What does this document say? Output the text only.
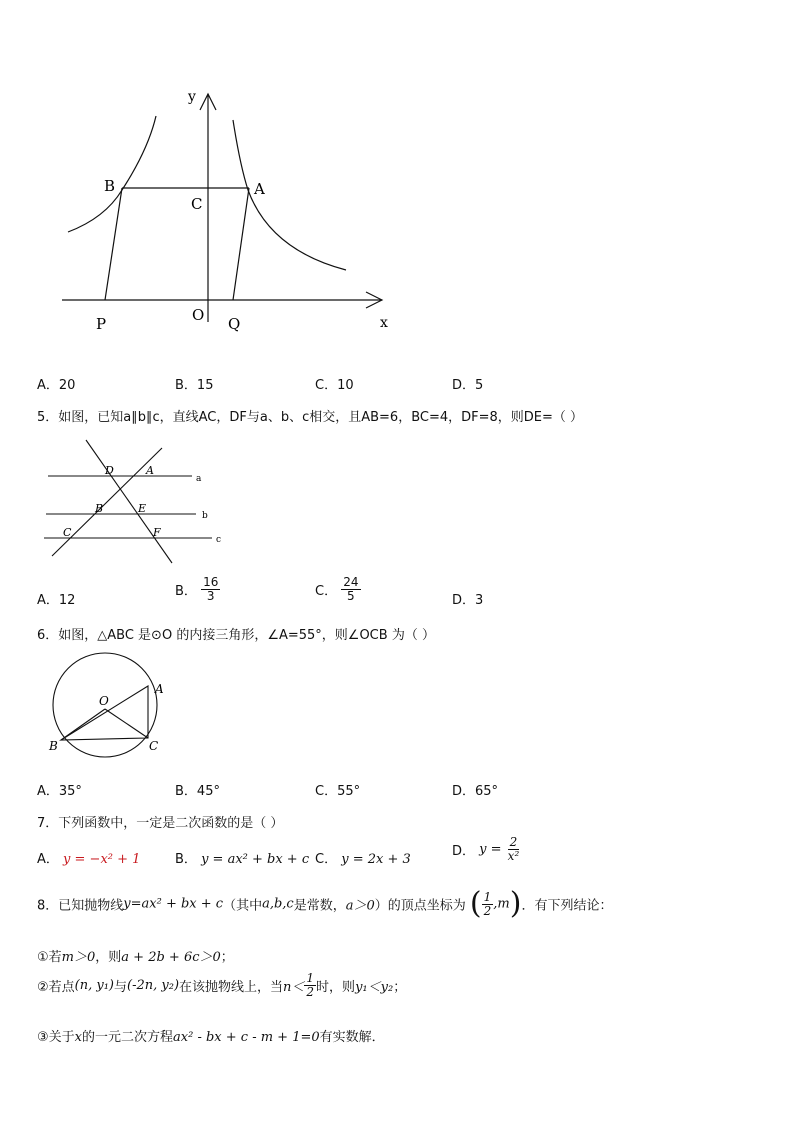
y
x
B
C
A
O
P	Q
A．20	B．15	C．10	D．5
5．如图，已知a∥b∥c，直线AC，DF与a、b、c相交，且AB=6，BC=4，DF=8，则DE=（ ）
D	A
a
B	E
b
C	F
c
A．12
B． $\frac{16}{3}$	C． $\frac{24}{5}$	D．3
6．如图，△ABC 是⊙O 的内接三角形，∠A=55°，则∠OCB 为（ ）
O
A
B	C
A．35°	B．45°	C．55°	D．65°
7．下列函数中，一定是二次函数的是（ ）
A． y = −x² + 1	B． y = ax² + bx + c C． y = 2x + 3
D． $y = \frac{2}{\text{x²}}$
8．已知抛物线y=ax² + bx + c（其中a,b,c是常数，a＞0）的顶点坐标为 ( $\frac{1}{2} ,m$)．有下列结论：
①若m＞0，则a + 2b + 6c＞0；
②若点(n, y₁)与(-2n, y₂)在该抛物线上，当$n< \frac{1}{2}$ 时，则y₁＜y₂；
③关于x的一元二次方程ax² - bx + c - m + 1=0有实数解．
